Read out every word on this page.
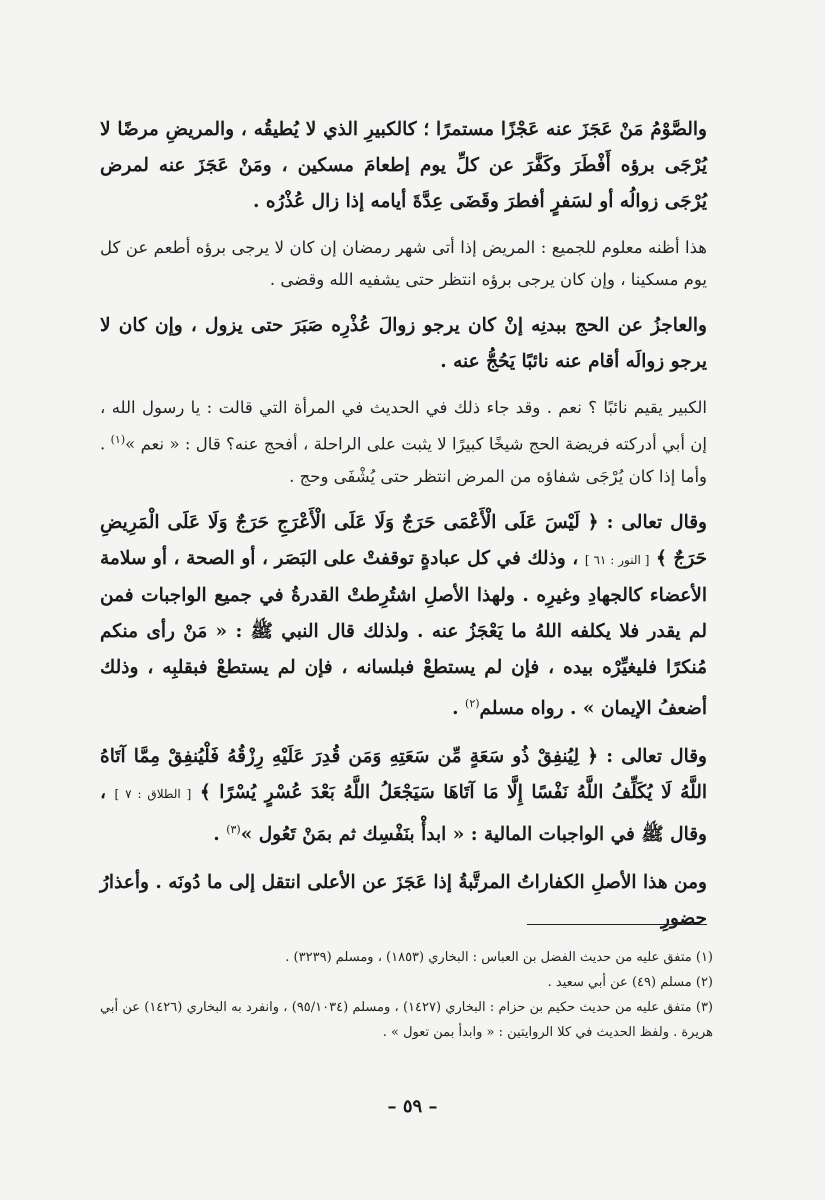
والصَّوْمُ مَنْ عَجَزَ عنه عَجْزًا مستمرًا ؛ كالكبيرِ الذي لا يُطيقُه ، والمريضِ مرضًا لا يُرْجَى برؤه أَفْطَرَ وكَفَّرَ عن كلِّ يوم إطعامَ مسكين ، ومَنْ عَجَزَ عنه لمرض يُرْجَى زوالُه أو لسَفرٍ أفطرَ وقَضَى عِدَّةَ أيامه إذا زال عُذْرُه .

هذا أظنه معلوم للجميع : المريض إذا أتى شهر رمضان إن كان لا يرجى برؤه أطعم عن كل يوم مسكينا ، وإن كان يرجى برؤه انتظر حتى يشفيه الله وقضى .

والعاجزُ عن الحج ببدنِه إنْ كان يرجو زوالَ عُذْرِه صَبَرَ حتى يزول ، وإن كان لا يرجو زوالَه أقام عنه نائبًا يَحُجُّ عنه .

الكبير يقيم نائبًا ؟ نعم . وقد جاء ذلك في الحديث في المرأة التي قالت : يا رسول الله ، إن أبي أدركته فريضة الحج شيخًا كبيرًا لا يثبت على الراحلة ، أفحج عنه؟ قال : « نعم »$^{(١)}$ . وأما إذا كان يُرْجَى شفاؤه من المرض انتظر حتى يُشْفَى وحج .

وقال تعالى : ﴿ لَيْسَ عَلَى الْأَعْمَى حَرَجٌ وَلَا عَلَى الْأَعْرَجِ حَرَجٌ وَلَا عَلَى الْمَرِيضِ حَرَجٌ ﴾ [ النور : ٦١ ] ، وذلك في كل عبادةٍ توقفتْ على البَصَر ، أو الصحة ، أو سلامة الأعضاء كالجهادِ وغيرِه . ولهذا الأصلِ اشتُرِطتْ القدرةُ في جميع الواجبات فمن لم يقدر فلا يكلفه اللهُ ما يَعْجَزُ عنه . ولذلك قال النبي ﷺ : « مَنْ رأى منكم مُنكرًا فليغيِّرْه بيده ، فإن لم يستطعْ فبلسانه ، فإن لم يستطعْ فبقلبِه ، وذلك أضعفُ الإيمان » . رواه مسلم$^{(٢)}$ .

وقال تعالى : ﴿ لِيُنفِقْ ذُو سَعَةٍ مِّن سَعَتِهِ وَمَن قُدِرَ عَلَيْهِ رِزْقُهُ فَلْيُنفِقْ مِمَّا آتَاهُ اللَّهُ لَا يُكَلِّفُ اللَّهُ نَفْسًا إِلَّا مَا آتَاهَا سَيَجْعَلُ اللَّهُ بَعْدَ عُسْرٍ يُسْرًا ﴾ [ الطلاق : ٧ ] ، وقال ﷺ في الواجبات المالية : « ابدأْ بنَفْسِك ثم بمَنْ تَعُول »$^{(٣)}$ .

ومن هذا الأصلِ الكفاراتُ المرتَّبةُ إذا عَجَزَ عن الأعلى انتقل إلى ما دُونَه . وأعذارُ حضورِ

(١) متفق عليه من حديث الفضل بن العباس : البخاري (١٨٥٣) ، ومسلم (٣٢٣٩) .
(٢) مسلم (٤٩) عن أبي سعيد .
(٣) متفق عليه من حديث حكيم بن حزام : البخاري (١٤٢٧) ، ومسلم (٩٥/١٠٣٤) ، وانفرد به البخاري (١٤٢٦) عن أبي هريرة . ولفظ الحديث في كلا الروايتين : « وابدأ بمن تعول » .
– ٥٩ –
